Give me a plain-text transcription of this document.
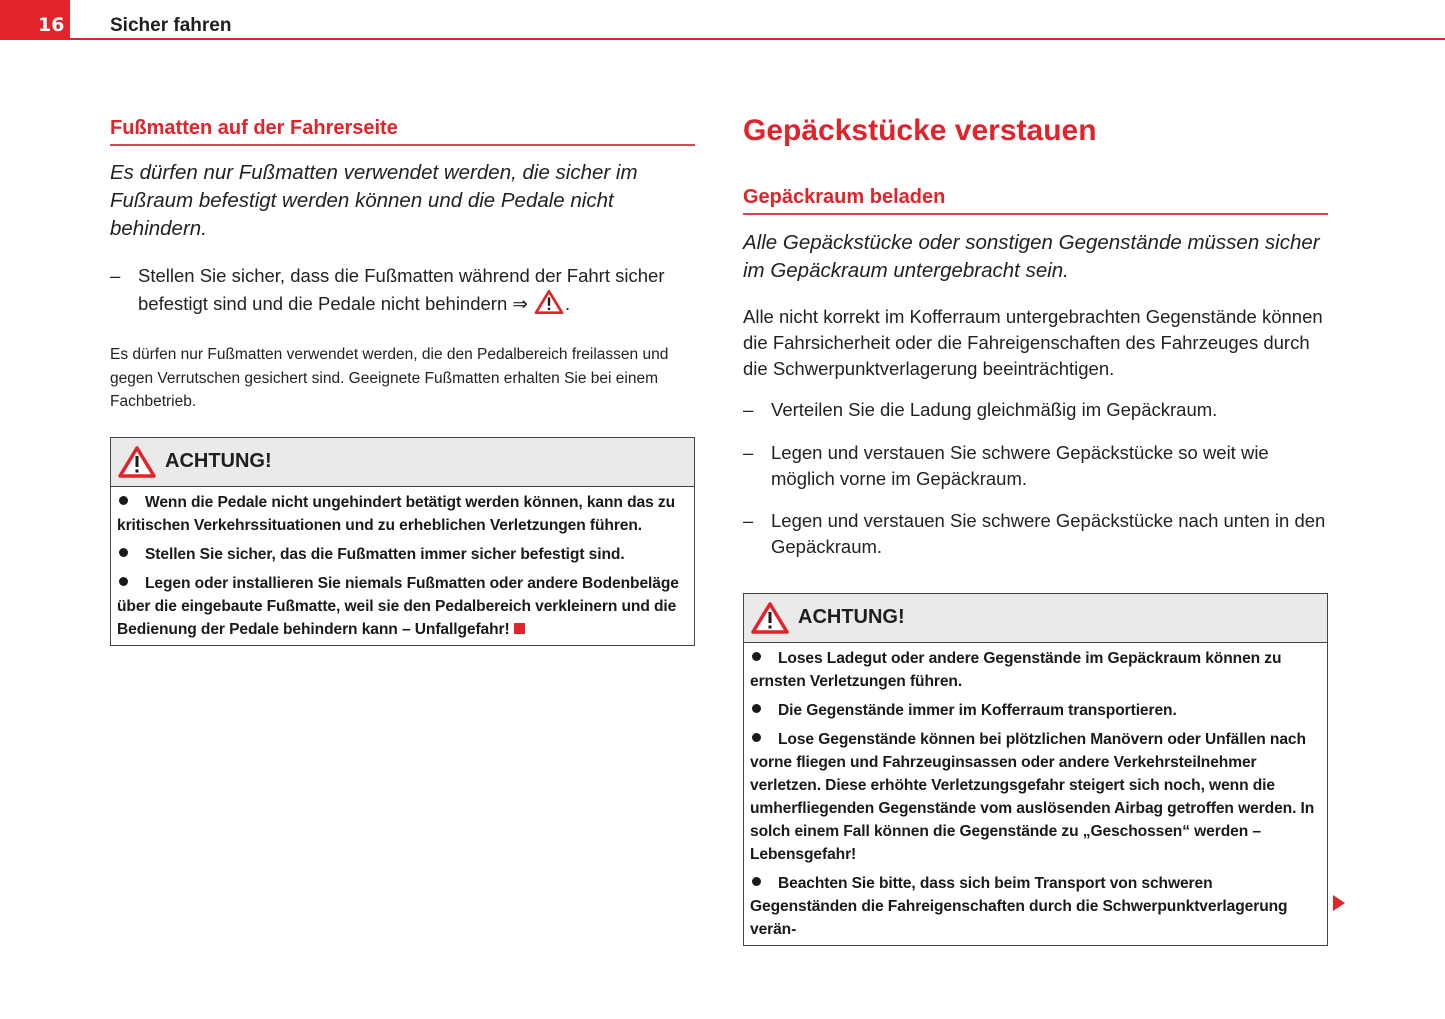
16 Sicher fahren
Fußmatten auf der Fahrerseite
Es dürfen nur Fußmatten verwendet werden, die sicher im Fußraum befestigt werden können und die Pedale nicht behindern.
– Stellen Sie sicher, dass die Fußmatten während der Fahrt sicher befestigt sind und die Pedale nicht behindern ⇒ .
Es dürfen nur Fußmatten verwendet werden, die den Pedalbereich freilassen und gegen Verrutschen gesichert sind. Geeignete Fußmatten erhalten Sie bei einem Fachbetrieb.
ACHTUNG!
Wenn die Pedale nicht ungehindert betätigt werden können, kann das zu kritischen Verkehrssituationen und zu erheblichen Verletzungen führen.
Stellen Sie sicher, das die Fußmatten immer sicher befestigt sind.
Legen oder installieren Sie niemals Fußmatten oder andere Bodenbeläge über die eingebaute Fußmatte, weil sie den Pedalbereich verkleinern und die Bedienung der Pedale behindern kann – Unfallgefahr!
Gepäckstücke verstauen
Gepäckraum beladen
Alle Gepäckstücke oder sonstigen Gegenstände müssen sicher im Gepäckraum untergebracht sein.
Alle nicht korrekt im Kofferraum untergebrachten Gegenstände können die Fahrsicherheit oder die Fahreigenschaften des Fahrzeuges durch die Schwerpunktverlagerung beeinträchtigen.
– Verteilen Sie die Ladung gleichmäßig im Gepäckraum.
– Legen und verstauen Sie schwere Gepäckstücke so weit wie möglich vorne im Gepäckraum.
– Legen und verstauen Sie schwere Gepäckstücke nach unten in den Gepäckraum.
ACHTUNG!
Loses Ladegut oder andere Gegenstände im Gepäckraum können zu ernsten Verletzungen führen.
Die Gegenstände immer im Kofferraum transportieren.
Lose Gegenstände können bei plötzlichen Manövern oder Unfällen nach vorne fliegen und Fahrzeuginsassen oder andere Verkehrsteilnehmer verletzen. Diese erhöhte Verletzungsgefahr steigert sich noch, wenn die umherfliegenden Gegenstände vom auslösenden Airbag getroffen werden. In solch einem Fall können die Gegenstände zu „Geschossen“ werden – Lebensgefahr!
Beachten Sie bitte, dass sich beim Transport von schweren Gegenständen die Fahreigenschaften durch die Schwerpunktverlagerung verän-
